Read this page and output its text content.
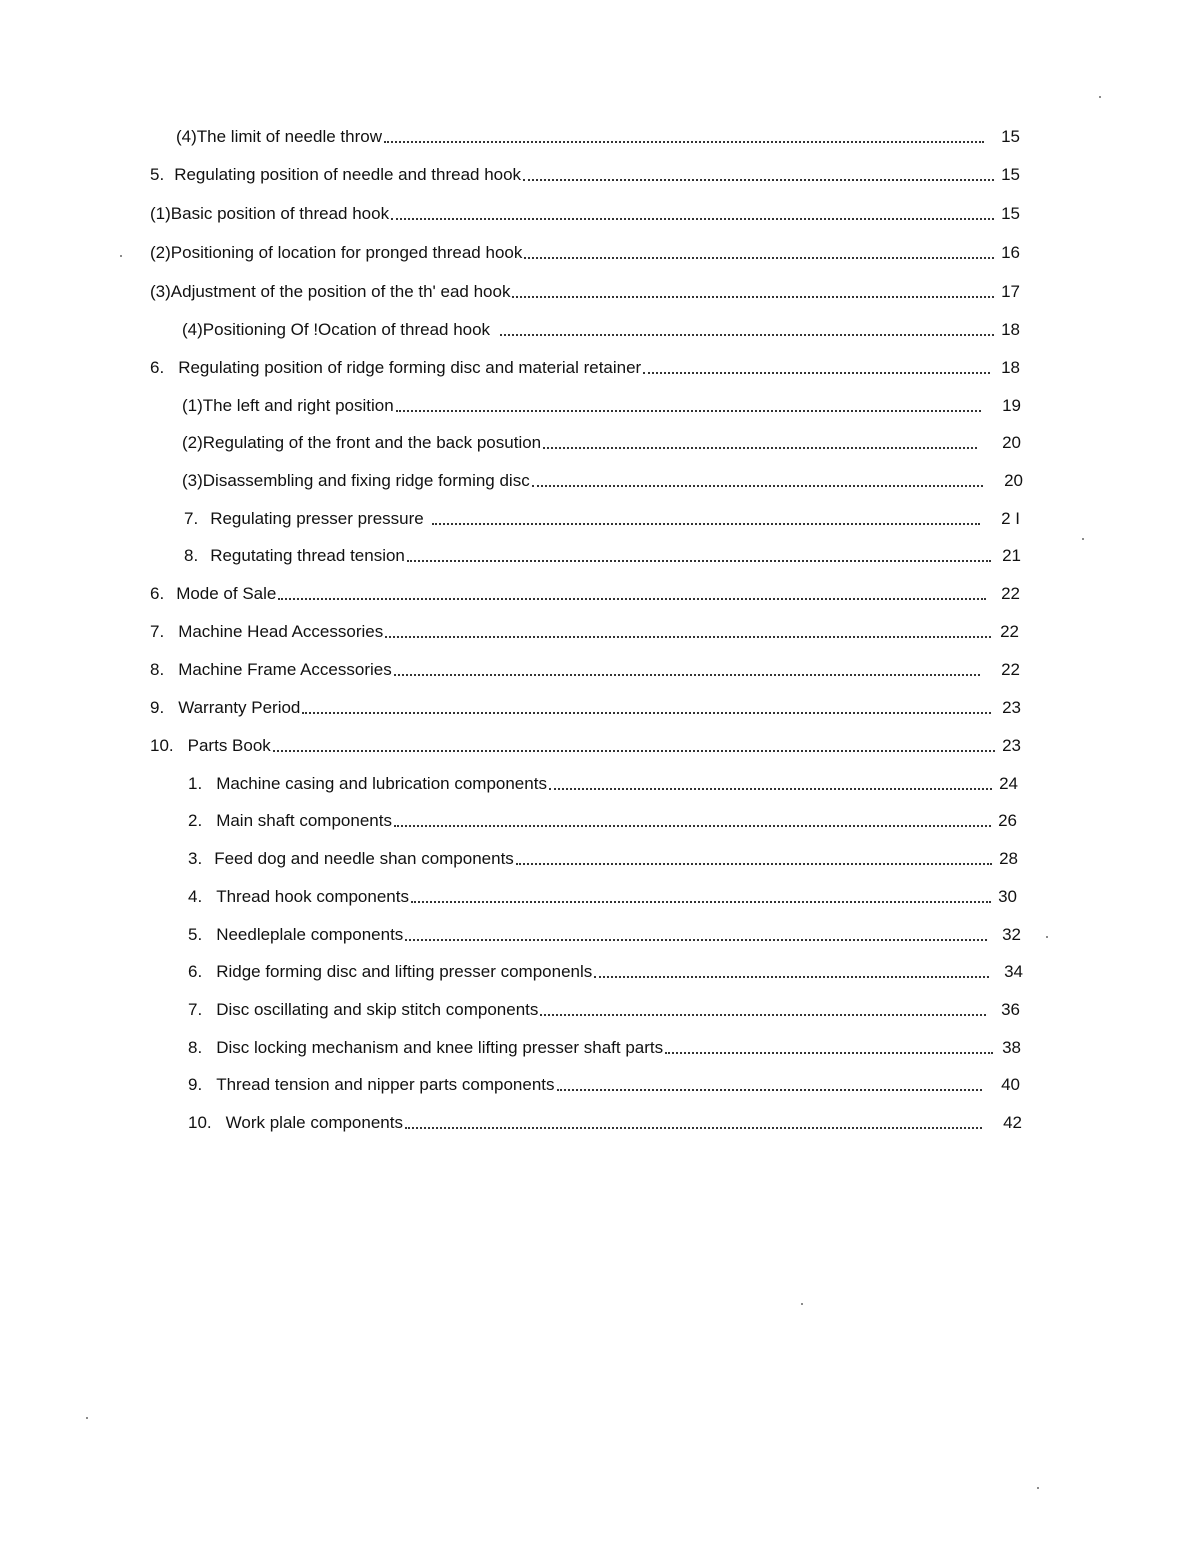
(4)The limit of needle throw	15
5. Regulating position of needle and thread hook	15
(1)Basic position of thread hook	15
(2)Positioning of location for pronged thread hook	16
(3)Adjustment of the position of the th' ead hook	17
(4)Positioning Of !Ocation of thread hook	18
6. Regulating position of ridge forming disc and material retainer	18
(1)The left and right position	19
(2)Regulating of the front and the back posution	20
(3)Disassembling and fixing ridge forming disc	20
7. Regulating presser pressure	2 I
8. Regutating thread tension	21
6. Mode of Sale	22
7. Machine Head Accessories	22
8. Machine Frame Accessories	22
9. Warranty Period	23
10. Parts Book	23
1. Machine casing and lubrication components	24
2. Main shaft components	26
3. Feed dog and needle shan components	28
4. Thread hook components	30
5. Needleplale components	32
6. Ridge forming disc and lifting presser componenls	34
7. Disc oscillating and skip stitch components	36
8. Disc locking mechanism and knee lifting presser shaft parts	38
9. Thread tension and nipper parts components	40
10. Work plale components	42
